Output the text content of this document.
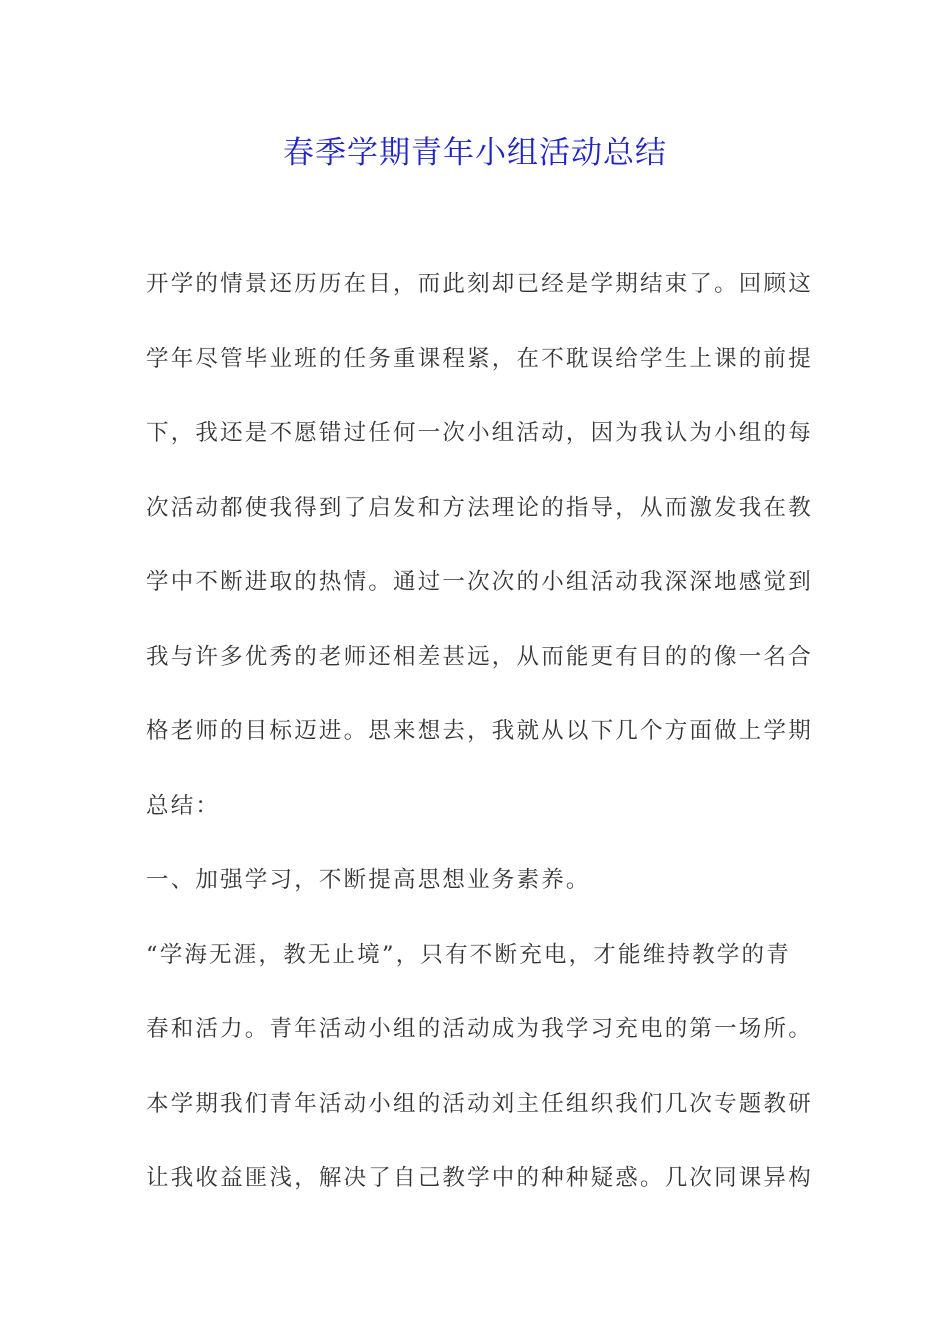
春季学期青年小组活动总结
开学的情景还历历在目，而此刻却已经是学期结束了。回顾这
学年尽管毕业班的任务重课程紧，在不耽误给学生上课的前提
下，我还是不愿错过任何一次小组活动，因为我认为小组的每
次活动都使我得到了启发和方法理论的指导，从而激发我在教
学中不断进取的热情。通过一次次的小组活动我深深地感觉到
我与许多优秀的老师还相差甚远，从而能更有目的的像一名合
格老师的目标迈进。思来想去，我就从以下几个方面做上学期
总结：
一、加强学习，不断提高思想业务素养。
“学海无涯，教无止境”，只有不断充电，才能维持教学的青
春和活力。青年活动小组的活动成为我学习充电的第一场所。
本学期我们青年活动小组的活动刘主任组织我们几次专题教研
让我收益匪浅，解决了自己教学中的种种疑惑。几次同课异构
